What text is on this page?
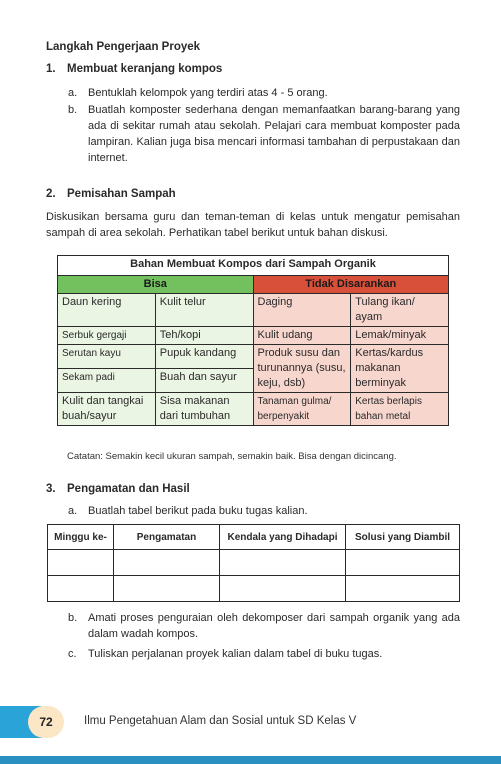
Langkah Pengerjaan Proyek
1. Membuat keranjang kompos
a. Bentuklah kelompok yang terdiri atas 4 - 5 orang.
b. Buatlah komposter sederhana dengan memanfaatkan barang-barang yang ada di sekitar rumah atau sekolah. Pelajari cara membuat komposter pada lampiran. Kalian juga bisa mencari informasi tambahan di perpustakaan dan internet.
2. Pemisahan Sampah
Diskusikan bersama guru dan teman-teman di kelas untuk mengatur pemisahan sampah di area sekolah. Perhatikan tabel berikut untuk bahan diskusi.
Bahan Membuat Kompos dari Sampah Organik			
Bisa		Tidak Disarankan	
Daun kering	Kulit telur	Daging	Tulang ikan/ ayam
Serbuk gergaji	Teh/kopi	Kulit udang	Lemak/minyak
Serutan kayu	Pupuk kandang	Produk susu dan turunannya (susu, keju, dsb)	Kertas/kardus makanan berminyak
Sekam padi	Buah dan sayur		
Kulit dan tangkai buah/sayur	Sisa makanan dari tumbuhan	Tanaman gulma/ berpenyakit	Kertas berlapis bahan metal
Catatan: Semakin kecil ukuran sampah, semakin baik. Bisa dengan dicincang.
3. Pengamatan dan Hasil
a. Buatlah tabel berikut pada buku tugas kalian.
Minggu ke-	Pengamatan	Kendala yang Dihadapi	Solusi yang Diambil

b. Amati proses penguraian oleh dekomposer dari sampah organik yang ada dalam wadah kompos.
c.	Tuliskan perjalanan proyek kalian dalam tabel di buku tugas.
72	Ilmu Pengetahuan Alam dan Sosial untuk SD Kelas V
